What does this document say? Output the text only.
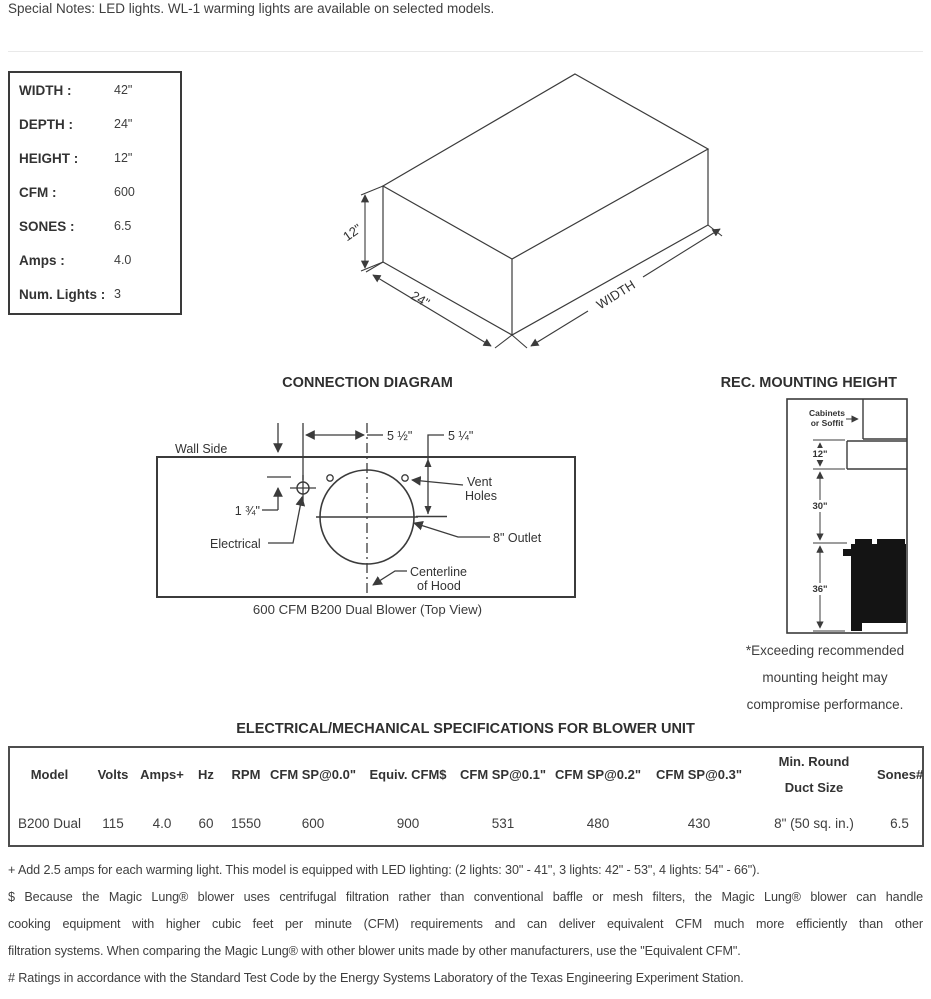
Special Notes: LED lights. WL-1 warming lights are available on selected models.
WIDTH :	42"
DEPTH :	24"
HEIGHT :	12"
CFM :	600
SONES :	6.5
Amps :	4.0
Num. Lights : 3
12"
24"	WIDTH
CONNECTION DIAGRAM
Wall Side
5 ½"	5 ¼"
Vent
Holes
1 ¾"
Electrical	8" Outlet
Centerline
of Hood
600 CFM B200 Dual Blower (Top View)
REC. MOUNTING HEIGHT
12"
30"
36"
Cabinets
or Soffit
*Exceeding recommended
mounting height may
compromise performance.
ELECTRICAL/MECHANICAL SPECIFICATIONS FOR BLOWER UNIT
Model	Volts	Amps+	Hz	RPM	CFM SP@0.0"	Equiv. CFM$	CFM SP@0.1"	CFM SP@0.2"	CFM SP@0.3"	Min. Round
Duct Size	Sones#
B200 Dual	115	4.0	60	1550	600	900	531	480	430	8" (50 sq. in.)	6.5
+ Add 2.5 amps for each warming light. This model is equipped with LED lighting: (2 lights: 30" - 41", 3 lights: 42" - 53", 4 lights: 54" - 66").
$ Because the Magic Lung® blower uses centrifugal filtration rather than conventional baffle or mesh filters, the Magic Lung® blower can handle
cooking equipment with higher cubic feet per minute (CFM) requirements and can deliver equivalent CFM much more efficiently than other
filtration systems. When comparing the Magic Lung® with other blower units made by other manufacturers, use the "Equivalent CFM".
# Ratings in accordance with the Standard Test Code by the Energy Systems Laboratory of the Texas Engineering Experiment Station.
